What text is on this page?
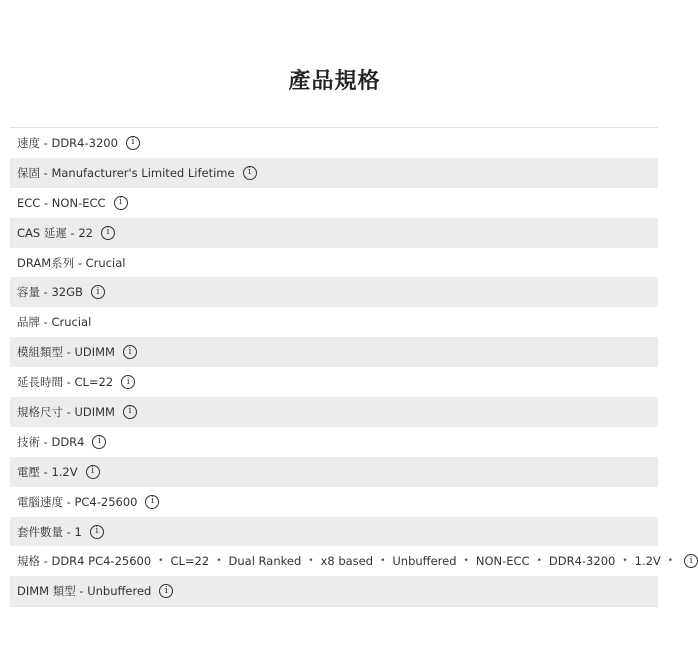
產品規格
速度 - DDR4-3200 i
保固 - Manufacturer's Limited Lifetime i
ECC - NON-ECC i
CAS 延遲 - 22 i
DRAM系列 - Crucial
容量 - 32GB i
品牌 - Crucial
模組類型 - UDIMM i
延長時間 - CL=22 i
規格尺寸 - UDIMM i
技術 - DDR4 i
電壓 - 1.2V i
電腦速度 - PC4-25600 i
套件數量 - 1 i
規格 - DDR4 PC4-25600 • CL=22 • Dual Ranked • x8 based • Unbuffered • NON-ECC • DDR4-3200 • 1.2V • i
DIMM 類型 - Unbuffered i
